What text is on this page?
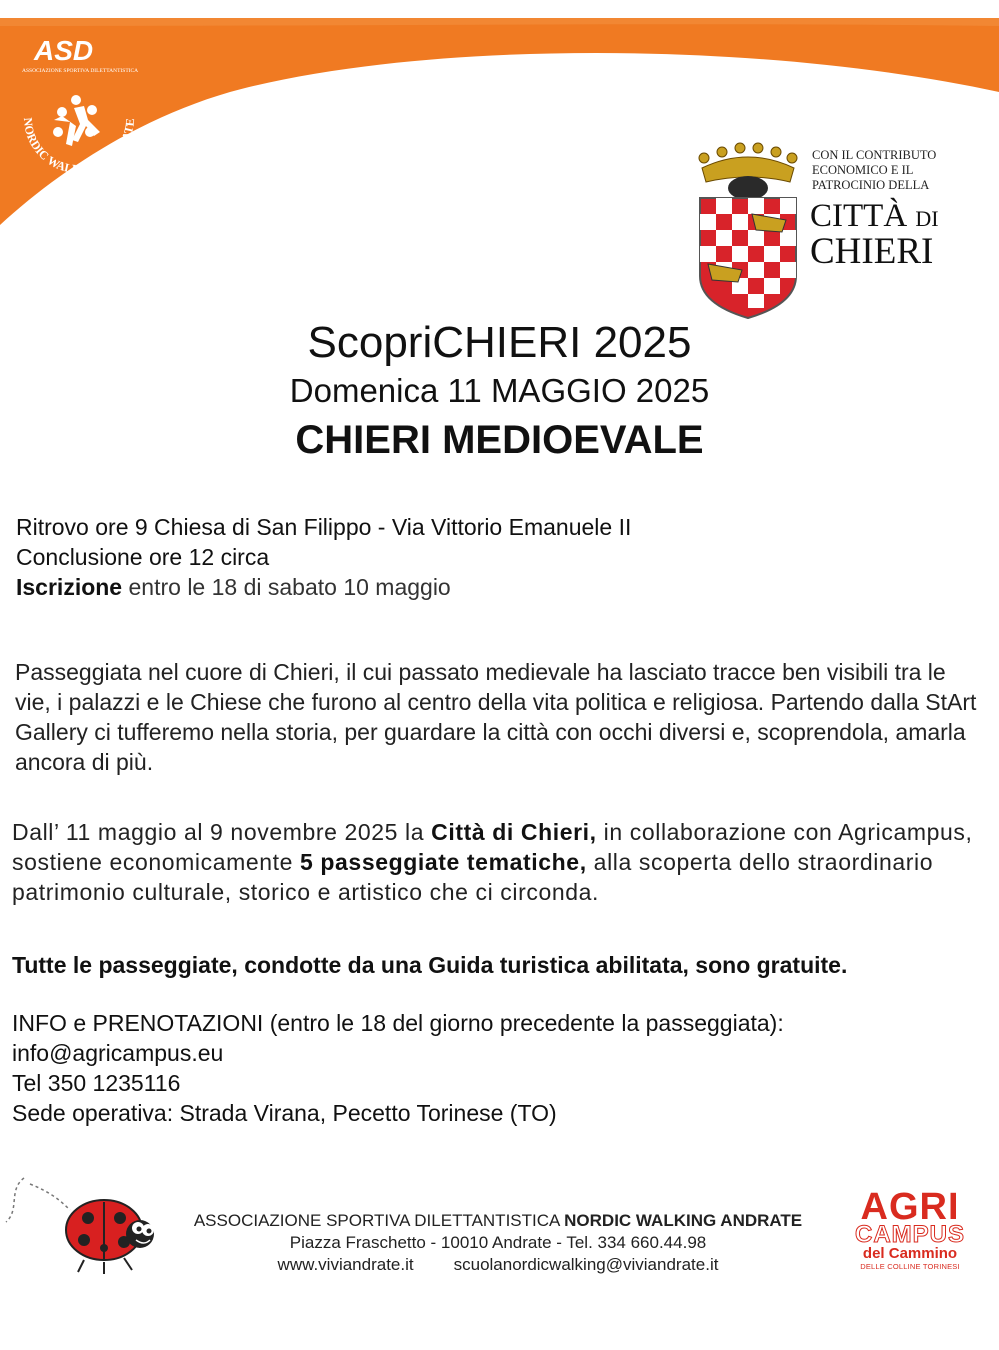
ASD
ASSOCIAZIONE SPORTIVA DILETTANTISTICA
NORDIC WALKING ANDRATE
CON IL CONTRIBUTO
ECONOMICO E IL
PATROCINIO DELLA
CITTÀ DI
CHIERI
ScopriCHIERI 2025
Domenica 11 MAGGIO 2025
CHIERI MEDIOEVALE
Ritrovo ore 9 Chiesa di San Filippo - Via Vittorio Emanuele II
Conclusione ore 12 circa
Iscrizione entro le 18 di sabato 10 maggio
Passeggiata nel cuore di Chieri, il cui passato medievale ha lasciato tracce ben visibili tra le vie, i palazzi e le Chiese che furono al centro della vita politica e religiosa. Partendo dalla StArt Gallery ci tufferemo nella storia, per guardare la città con occhi diversi e, scoprendola, amarla ancora di più.
Dall’ 11 maggio al 9 novembre 2025 la Città di Chieri, in collaborazione con Agricampus, sostiene economicamente 5 passeggiate tematiche, alla scoperta dello straordinario patrimonio culturale, storico e artistico che ci circonda.
Tutte le passeggiate, condotte da una Guida turistica abilitata, sono gratuite.
INFO e PRENOTAZIONI (entro le 18 del giorno precedente la passeggiata):
info@agricampus.eu
Tel 350 1235116
Sede operativa: Strada Virana, Pecetto Torinese (TO)
ASSOCIAZIONE SPORTIVA DILETTANTISTICA NORDIC WALKING ANDRATE
Piazza Fraschetto - 10010 Andrate - Tel. 334 660.44.98
www.viviandrate.it scuolanordicwalking@viviandrate.it
AGRI
CAMPUS
del Cammino
DELLE COLLINE TORINESI
